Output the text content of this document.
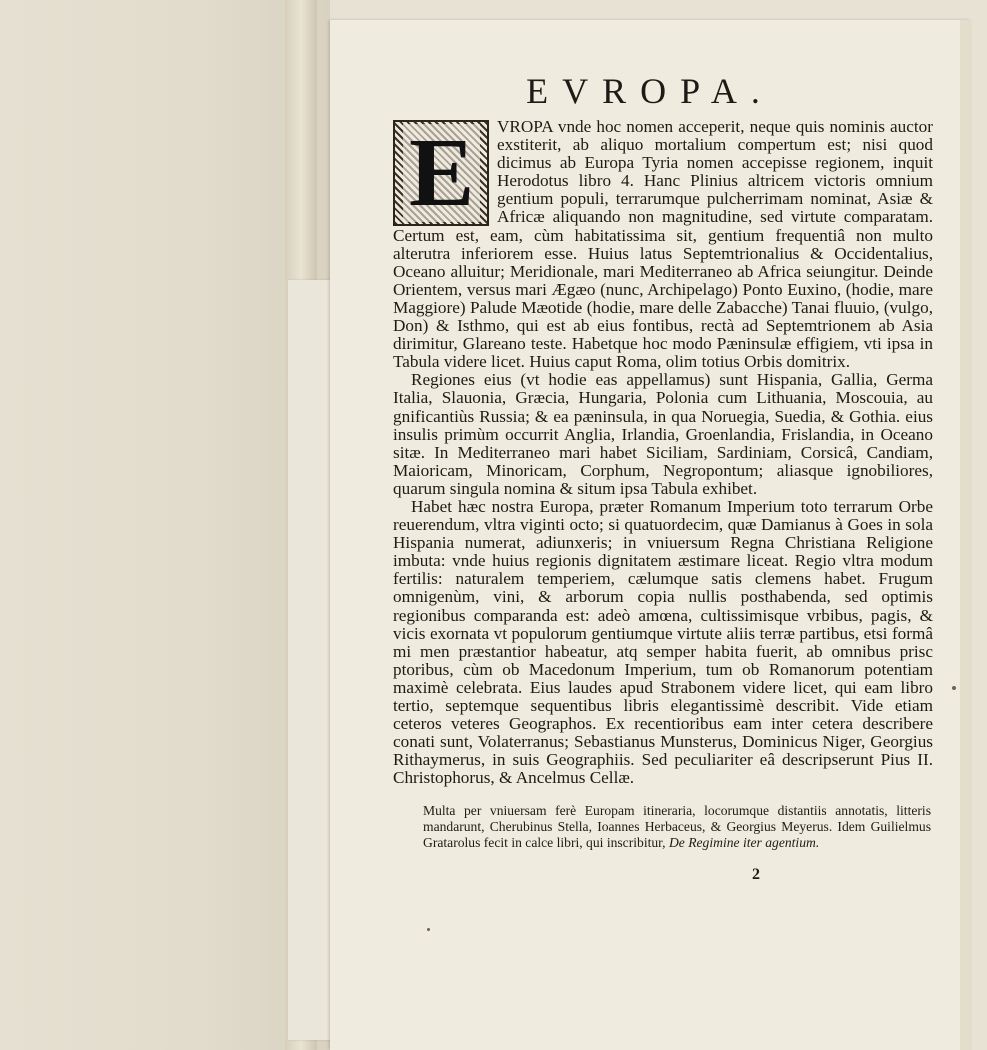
EVROPA.
E	VROPA vnde hoc nomen acceperit, neque quis nominis auctor exstiterit, ab aliquo mortalium compertum est; nisi quod dicimus ab Europa Tyria nomen accepisse regionem, inquit Herodotus libro 4. Hanc Plinius altricem victoris omnium gentium populi, terrarumque pulcherrimam nominat, Asiæ & Africæ aliquando non magnitudine, sed virtute comparatam. Certum est, eam, cùm habitatissima sit, gentium frequentiâ non multo alterutra inferiorem esse. Huius latus Septemtrionalius & Occidentalius, Oceano alluitur; Meridionale, mari Mediterraneo ab Africa seiungitur. Deinde Orientem, versus mari Ægæo (nunc, Archipelago) Ponto Euxino, (hodie, mare Maggiore) Palude Mæotide (hodie, mare delle Zabacche) Tanai fluuio, (vulgo, Don) & Isthmo, qui est ab eius fontibus, rectà ad Septemtrionem ab Asia dirimitur, Glareano teste. Habetque hoc modo Pæninsulæ effigiem, vti ipsa in Tabula videre licet. Huius caput Roma, olim totius Orbis domitrix.

Regiones eius (vt hodie eas appellamus) sunt Hispania, Gallia, Germa Italia, Slauonia, Græcia, Hungaria, Polonia cum Lithuania, Moscouia, au gnificantiùs Russia; & ea pæninsula, in qua Noruegia, Suedia, & Gothia. eius insulis primùm occurrit Anglia, Irlandia, Groenlandia, Frislandia, in Oceano sitæ. In Mediterraneo mari habet Siciliam, Sardiniam, Corsicâ, Candiam, Maioricam, Minoricam, Corphum, Negropontum; aliasque ignobiliores, quarum singula nomina & situm ipsa Tabula exhibet.

Habet hæc nostra Europa, præter Romanum Imperium toto terrarum Orbe reuerendum, vltra viginti octo; si quatuordecim, quæ Damianus à Goes in sola Hispania numerat, adiunxeris; in vniuersum Regna Christiana Religione imbuta: vnde huius regionis dignitatem æstimare liceat. Regio vltra modum fertilis: naturalem temperiem, cælumque satis clemens habet. Frugum omnigenùm, vini, & arborum copia nullis posthabenda, sed optimis regionibus comparanda est: adeò amœna, cultissimisque vrbibus, pagis, & vicis exornata vt populorum gentiumque virtute aliis terræ partibus, etsi formâ mi men præstantior habeatur, atq semper habita fuerit, ab omnibus prisc ptoribus, cùm ob Macedonum Imperium, tum ob Romanorum potentiam maximè celebrata. Eius laudes apud Strabonem videre licet, qui eam libro tertio, septemque sequentibus libris elegantissimè describit. Vide etiam ceteros veteres Geographos. Ex recentioribus eam inter cetera describere conati sunt, Volaterranus; Sebastianus Munsterus, Dominicus Niger, Georgius Rithaymerus, in suis Geographiis. Sed peculiariter eâ descripserunt Pius II. Christophorus, & Ancelmus Cellæ.

Multa per vniuersam ferè Europam itineraria, locorumque distantiis annotatis, litteris mandarunt, Cherubinus Stella, Ioannes Herbaceus, & Georgius Meyerus. Idem Guilielmus Gratarolus fecit in calce libri, qui inscribitur, De Regimine iter agentium.
2
